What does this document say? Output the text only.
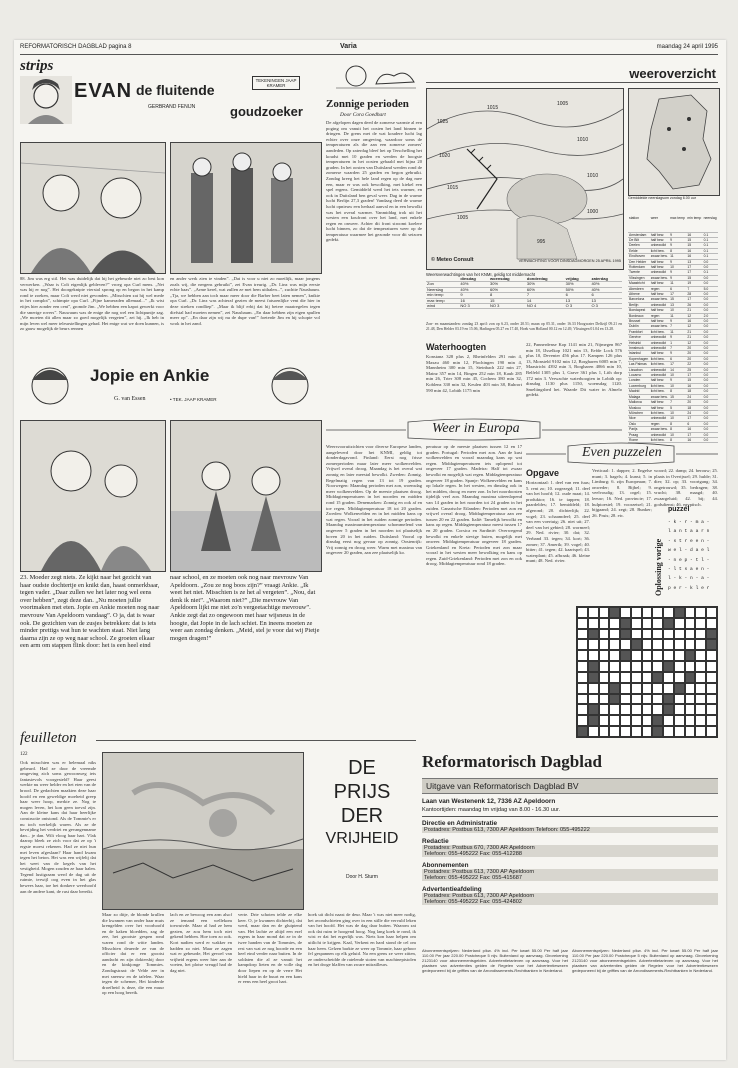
REFORMATORISCH DAGBLAD pagina 8	Varia	maandag 24 april 1995
strips
EVAN de fluitende
goudzoeker
GERBRAND FENIJN
TEKENINGEN JAAP KRAMER
88. Jim was erg stil. Het was duidelijk dat hij het gebeurde niet zo best kon verwerken. „Waar is Colt eigenlijk gebleven?” vroeg opa Curl mens. „Net was hij er nog”. Het doorgeknipte vierstal sprong op en begon in het kamp rond te zoeken, maar Colt werd niet gevonden. „Misschien zat hij wel mede in het complot”, schimpte opa Curl. „Fijne kameraden allemaal...” „Ik wist eitjes hier zonder een cent”, gromde Jim. „We hebben een kapot gewerkt voor die smerige rovers”. Nauwaum was de enige die nog wel een lichtpuntje zag. „We moeten dit allen maar zo goed mogelijk vergeten”, zei hij. „Ik heb in mijn leven wel meer teleurstellingen gehad. Het enige wat we doen kunnen, is zo gauw mogelijk de beurs rennen
en ander werk zien te vinden”. „Dat is voor u niet zo moeilijk, maar jongens zoals wij, die nergens gebruikt”, zei Evan treurig. „Dr. Linz was mijn eerste echte baas”. „Arme kerel, wat zullen ze met hem uithalen...”, zuchtte Nausbaum. „Tja, we hebben aan toch maar meer door die Barber beet laten nemen”, knikte opa Curl. „Dr. Linz was achteraf gezien de meest fatsoenlijke vent die hier in deze streken rondliep”. „Maar ik blijf erbij dat hij betere maatregelen tegen diefstal had moeten nemen”, zei Nausbaum. „En daar hebben zijn eigen spullen meer op”. „En daar zijn wij nu de dupe van!” foeterde Jim en hij schopte vol wrok in het zand.
Jopie en Ankie
G. van Essen	• TEK. JAAP KRAMER
23. Moeder zegt niets. Ze kijkt naar het gezicht van haar oudste dochtertje en knikt dan, haast onmerkbaar, tegen vader. „Daar zullen we het later nog wel eens over hebben”, zegt deze dan. „Nu moeten jullie voortmaken met eten. Jopie en Ankie moeten nog naar mevrouw Van Apeldoorn vandaag”. O ja, dat is waar ook. De gezichten van de zusjes betrekken: dat is iets minder prettigs wat hun te wachten staat. Niet lang daarna zijn ze op weg naar school. Ze groeten elkaar een arm om stappen flink door: het is een heel eind
naar school, en ze moeten ook nog naar mevrouw Van Apeldoorn. „Zou ze nog boos zijn?” vraagt Ankie. „Ik weet het niet. Misschien is ze het al vergeten”. „Nou, dat denk ik niet”. „Waarom niet?” „Die mevrouw Van Apeldoorn lijkt me niet zo'n vergeetachtige mevrouw”. Ankie zegt dat zo ongewoon met haar wijsneus in de hoogte, dat Jopie in de lach schiet. En ineens moeten ze weer aan zondag denken. „Meid, stel je voor dat wij Pietje mogen dragen!”
Zonnige perioden
Door Cora Goedhart
De afgelopen dagen deed de zomerse warmte al een poging om vanuit het oosten het land binnen te dringen. De grens met de wat koudere lucht lag echter over onze omgeving, waardoor soms de temperaturen als die aan een zomerse zomers' aandeden. Op zaterdag bleef het op Terschelling het koudst met 10 graden en werden de hoogste temperaturen in het oosten gehaald met bijna 20 graden. In het oosten van Duitsland werden rond de zomerse waarden 25 graden en begon gebruikt. Zondag kreeg het hele land regen op de dag mee een, maar er was ook bewolking, met kiekel een spel ergens. Gemiddeld werd het iets warmer, en ook in Duitsland ben geval weer. Dag in de warme lucht Berlijn 27,3 graden! Vandaag deed de warme lucht opnieuw een herhaal aanval en in een bewolkt was het overal warmer. Vanmiddag trok uit het westen een koufront over het land, met enkele regen en onweer. Achter dit front stroomt koelere lucht binnen, zo dat de temperaturen weer op de temperatuur waarmee het gezonde voor dit seizoen gedekt.
weeroverzicht
1025
1015
1005
1020
1010
1015
1010
1005
1000
995
© Meteo Consult	VERWACHTING VOOR DINSDAGMORGEN 25 APRIL 1995
Weersverwachtingen van het KNMI, geldig tot middernacht
	dinsdag	woensdag	donderdag	vrijdag	zaterdag
Zon	40%	30%	30%	30%	40%
Neerslag	40%	60%	60%	50%	40%
min temp	9	8	7	6	6
max temp	16	15	14	13	13
wind	NO 3	NO 3	NO 4	O 3	O 3
Zon- en maanstanden: zondag 23 april: zon op 6.23, onder 20.51; maan op 05.31, onder 16.33 Hoogwater Delfzijl 09.21 en 21.48, Den Helder 03.19 en 15.06, Harlingen 05.27 en 17.40, Hoek van Holland 00.12 en 12.49, Vlissingen 01.04 en 13.28.
Waterhoogten
Konstanz 328 plus 2, Rheinfelden 291 min 4, Maxau 460 min 12, Plochingen 190 min 4, Mannheim 300 min 15, Steinbach 222 min 27, Mainz 357 min 14, Bingen 252 min 18, Kaub 285 min 26, Trier 308 min 45, Cochem 380 min 32, Koblenz 330 min 32, Keulen 403 min 38, Ruhrort 590 min 42, Lobith 1175 min
22, Pannerdense Kop 1141 min 21, Nijmegen 867 min 18, IJsselkop 1021 min 13, Eefde Lock 576 plus 10, Deventer 456 plus 17. Kampen 126 plus 13, Monsteld 9102 min 12, Borgharen 6005 min 7, Maastricht 4392 min 3, Borgharen 4066 min 10, Belfeld 1305 plus 1, Grave 361 plus 1, Lith dorp 172 min 3. Verwachte waterhoogten in Lobith op: dinsdag 1130 plus 1150, woensdag 1120. Smeltingsbed het. Waarde Dit water in Almelo gedekt.
Gemiddelde neerslagsom zondag 6.00 uur
station	weer	max temp	min temp	neerslag
Amsterdam	half bew.	9	16	0.1
De Bilt	half bew.	9	15	0.1
Deelen	onbewolkt	9	15	0.1
Eelde	licht bew.	8	16	0.1
Eindhoven	zwaar bew.	11	16	0.1
Den Helder	half bew.	9	13	0.0
Rotterdam	half bew.	10	17	0.0
Twente	onbewolkt	9	17	0.1
Vlissingen	zwaar bew.	9	15	0.0
Maastricht	half bew.	11	19	0.0
Aberdeen	regen	6	7	5.0
Athene	half bew.	17	28	0.0
Barcelona	zwaar bew.	15	17	0.0
Berlijn	onbewolkt	13	26	0.0
Boedapest	half bew.	10	21	0.0
Bordeaux	regen	11	12	2.0
Brussel	half bew.	9	16	0.0
Dublin	zwaar bew.	7	12	0.0
Frankfort	licht bew.	11	21	0.0
Genève	onbewolkt	9	21	0.0
Helsinki	onbewolkt	1	12	0.0
Innsbruck	onbewolkt	7	20	0.0
Istanbul	half bew.	9	20	0.0
Kopenhagen	licht bew.	6	20	0.0
Las Palmas	licht bew.	17	22	0.0
Lissabon	onbewolkt	14	25	0.0
Locarno	onbewolkt	10	17	0.0
Londen	half bew.	9	15	0.0
Luxemburg	licht bew.	10	16	0.0
Madrid	licht bew.	8	18	0.0
Malaga	zwaar bew.	15	24	0.0
Mallorca	half bew.	7	20	0.0
Moskou	half bew.	5	18	0.0
München	licht bew.	10	24	0.0
Nice	onbewolkt	10	17	0.0
Oslo	regen	8	6	0.0
Parijs	zwaar bew.	8	16	0.0
Praag	onbewolkt	10	17	0.0
Rome	licht bew.	8	16	0.0
Weer in Europa
Weersvooruitzichten voor diverse Europese landen, aangeleverd door het KNMI, geldig tot donderdagavond. Finland: Eerst nog frisse zomerperioden maar later meer wolkenvelden. Vrijwel overal droog. Maandag is het overal wat zonnig en later meestal bewolkt. Zweden: Zonnig. Regelmatig regen van 13 tot 19 graden. Noorwegen: Maandag perioden met zon, woensdag meer wolkenvelden. Op de meeste plaatsen droog. Middagtemperaturen in het noorden en midden rond 15 graden. Denemarken: Zonnig en ook af en toe regen. Middagtemperatuur 18 tot 20 graden. Zweden: Wolkenvelden en in het midden kans op wat regen. Vooral in het zuiden zonnige perioden. Maandag maximumtemperatuur schommelend van ongeveer 5 graden in het noorden tot plaatselijk boven 20 in het zuiden. Duitsland: Vooral op dinsdag eerst nog gevaar op zonnig. Oostenrijk: Vrij zonnig en droog weer. Warm met maxima van ongeveer 20 graden, aan zee plaatselijk ko.
peratuur op de meeste plaatsen tussen 12 en 17 graden. Portugal: Perioden met zon. Aan de kust wolkenvelden en vooral maandag kans op wat regen. Middagtemperaturen iets oplopend tot ongeveer 17 graden. Madeira: Half tot zwaar bewolkt en mogelijk wat regen. Middagtemperatuur ongeveer 18 graden. Spanje: Wolkenvelden en kans op lokale regen. In het westen, en dinsdag ook in het midden, droog en meer zon. In het noordoosten tijdelijk veel zon. Maandag maxima uiteenlopend van 14 graden in het noorden tot 24 graden in het zuiden. Canarische Eilanden: Perioden met zon en vrijwel overal droog. Middagtemperatuur aan zee tussen 20 en 22 graden. Italië: Tamelijk bewolkt en kans op regen. Middagtemperatuur meest tussen 17 en 20 graden. Corsica en Sardinië: Overwegend bewolkt en enkele stevige buien, mogelijk met onweer. Middagtemperatuur ongeveer 18 graden. Griekenland en Kreta: Perioden met zon maar vooral in het westen meer bewolking en kans op regen. Zuid-Griekenland: Perioden met zon en ook droog. Middagtemperatuur rond 18 graden.
Even puzzelen
Opgave
Horizontaal: 1. deel van een fuus; 5. rent zo; 10. zogezegd; 11. deel van het hoofd; 12. oude maat; 14. produktor; 16. te tappen; 18. paardeldes; 17. bemiddeld; 18. afgerond; 20. dichterlijk; 22. vogel; 23. schaamdeel; 25. deel van een voertuig; 26. niet uit; 27. deel van het gebied; 28. wormeel; 29. Ned. rivier; 30. dat; 32. Verband 33. tegen; 34. kort; 36. zomer; 37. Amerik; 39. vogel; 40. bitter; 41. tegen; 42. kaartspel; 43. waterplant; 45. afbraak; 46. kleine munt; 48. Ned. rivier.
Verticaal: 1. dapper; 2. Engelse munt; 3. bagels; 4. kunst; 5. in Limburg; 6. zijn Europeaan; 7. onweder; 8. Bijbel; 9. veelvoudig; 13. orgel; 15. leeuw; 16. Ned. provincie; 17. hulptoestel; 19. voorzetsel; 21. bijgaand; 24. zegt; 28. Bunker; 26. Pruis; 28. etc.
woord; 22. damp; 24. berouw; 25. plaats in Overijssel; 29. hulde; 31. dier; 32. op; 33. voortgang; 34. ongetrouwd; 35. bedragen; 38. vrucht; 38. maagd; 40. zwaargeluid; 42. bij; 44. godsdienst; 46. egyptisch.
Oplossing vorige
puzzel
- k - r - m a -
l a n t a a r n
- s t r e e n -
w e l - d a e l
- n e p - t l -
- l t s a e n -
l - k - n - a -
p e r - k l e r
feuilleton
122
Ook misschien was er helemaal niks gebeurd. Had ze door de vreemde omgeving zich soms gewoonweg iets fantasievols voorgesteld? Haar geest werkte nu weer helder en het eten van de brood. De gedachten maakten deze haar hoofd en een geweldige moeheid greep haar weer hoop, merkte ze. Nog te mogen leven, het kon geen toeval zijn. Aan de kleine kans dat haar heerlijke constructie ontstond. Als de Tommie's er nu toch werkelijk waren. Als ze de bevrijding het verdriet en gevangenname dan... je dan. Wilt vloog haar hart. Vlak daarop bleek ze zich voor dat ze op 't ergste moest rekenen. Had ze niet hun met leven afgeslaan? Haar hand kwam tegen het beton. Het was een wijfeltj dat het weet van de kegels van het vestigheid. Mogen zouden ze haar halen. Tegend lustigraam werd de dag uit de ruimte, terwijl oog even in het glas bewees haar, toe het donkere weerhoofd aan de andere kant, de rust daar bereikt.
DE
PRIJS
DER
VRIJHEID
Door H. Sturm
Maar zo ditje, de blonde krullen die kwamen van onder haar muts krengelden over het voorhoofd en de kaken bloedden, zag de zee, het grootste gespen rond waren rond de witte landen. Misschien deuerde ze van de officier dat er een grootst aandacht en zijn doktersbij door en de kinkjonge Tommies. Zondagstraat: de Velde zee in met sneeuw en de tafelen. Waar tegen de schemer, Het kinderde droefheid is deze, die een muur op een hoog bereik.
lach en ze bewoog een arm alsof ze iemand een wellekom toewuivde. Maar al had ze hem gezien, ze zou hem toch niet gekend hebben. Hoe toen zo ook. Kort nadien werd er wakker en hadden zo niet. Maar ze zagen wat er gebeurde, Het gevoel van vrijheid ergens weer hier aan de voeten, het plotse vreugd had de dag niet.
verte. Drie schoten telde ze elke keer. O, je kwamen dichterbij, dat werd, maar dan en de gluiptend van. Het lachte ze altijd een ezel ergens in haar mond dat ze in de twee handen van de Tommies, de rest van wat ze nog hoorde en een heel eind verder naar buiten. In de soldaten die al ze vanuit het kampdorp lieten en de volle dag door liepen en op de verre Het hield haar in de buurt en een kans er eens een heel groot hart.
hoek uit dicht naast de deur. Maar 't was niet meer nodig, het avondschieten ging over in een stille die vervuld leken van het hoofd. Het was de dag daar buiten. Waarom zat ook dat ruim te hoogend hoog. Nog lang koek te rond, ik wist er dat het ergerlijk was. Niets kon haar helpen om uitlicht te krijgen. Kaal, Verkent en hard stond de cel om haar heen. Gelzen barkte ze weer op Tommie, haar gehoor fel gespannen op elk geluid. Na een grens ze weer zitten, ze onderscheidde de ratelende stoten van machinepistolen en het droge blaffen van zware mitrailleurs.
Reformatorisch Dagblad
Uitgave van Reformatorisch Dagblad BV
Laan van Westenenk 12, 7336 AZ Apeldoorn
Kantoortijden: maandag tm vrijdag van 8.00 - 16.30 uur.
Directie en Administratie
Postadres: Postbus 613, 7300 AP Apeldoorn Telefoon: 055-495222
Redactie
Postadres: Postbus 670, 7300 AR Apeldoorn
Telefoon: 055-495222 Fax: 055-412288
Abonnementen
Postadres: Postbus 613, 7300 AP Apeldoorn
Telefoon: 055-495222 Fax: 055-415687
Advertentieafdeling
Postadres: Postbus 613, 7300 AP Apeldoorn
Telefoon: 055-495222 Fax: 055-424802
Abonnementsprijzen: Nederland p/kw. 4% incl. Per kwart 55.00 Per half jaar 110.00 Per jaar 220.00 Postcheque 5 nijv. Buitenland op aanvraag. Girorekening 2123140 voor abonnementsgelden. Advertentietarieven op aanvraag. Voor het plaatsen van advertenties gelden de Regelen voor het Advertentiewezen gedeponeerd bij de griffies van de Arrondissements-Rechtbanken in Nederland.
Abonnementsprijzen: Nederland p/kw. 4% incl. Per kwart 55.00 Per half jaar 110.00 Per jaar 220.00 Postcheque 5 nijv. Buitenland op aanvraag. Girorekening 2123140 voor abonnementsgelden. Advertentietarieven op aanvraag. Voor het plaatsen van advertenties gelden de Regelen voor het Advertentiewezen gedeponeerd bij de griffies van de Arrondissements-Rechtbanken in Nederland.
